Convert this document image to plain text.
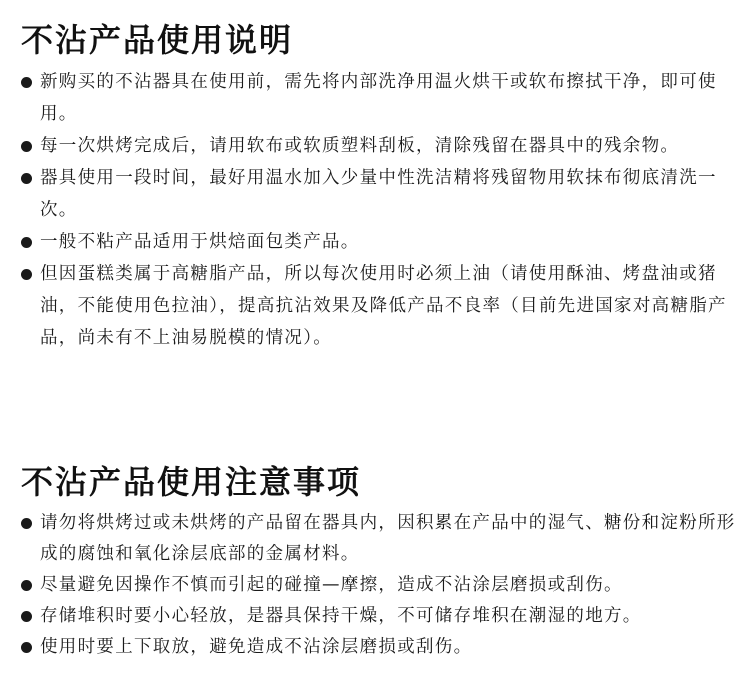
不沾产品使用说明
新购买的不沾器具在使用前，需先将内部洗净用温火烘干或软布擦拭干净，即可使用。
每一次烘烤完成后，请用软布或软质塑料刮板，清除残留在器具中的残余物。
器具使用一段时间，最好用温水加入少量中性洗洁精将残留物用软抹布彻底清洗一次。
一般不粘产品适用于烘焙面包类产品。
但因蛋糕类属于高糖脂产品，所以每次使用时必须上油（请使用酥油、烤盘油或猪油，不能使用色拉油），提高抗沾效果及降低产品不良率（目前先进国家对高糖脂产品，尚未有不上油易脱模的情况）。
不沾产品使用注意事项
请勿将烘烤过或未烘烤的产品留在器具内，因积累在产品中的湿气、糖份和淀粉所形成的腐蚀和氧化涂层底部的金属材料。
尽量避免因操作不慎而引起的碰撞—摩擦，造成不沾涂层磨损或刮伤。
存储堆积时要小心轻放，是器具保持干燥，不可储存堆积在潮湿的地方。
使用时要上下取放，避免造成不沾涂层磨损或刮伤。
